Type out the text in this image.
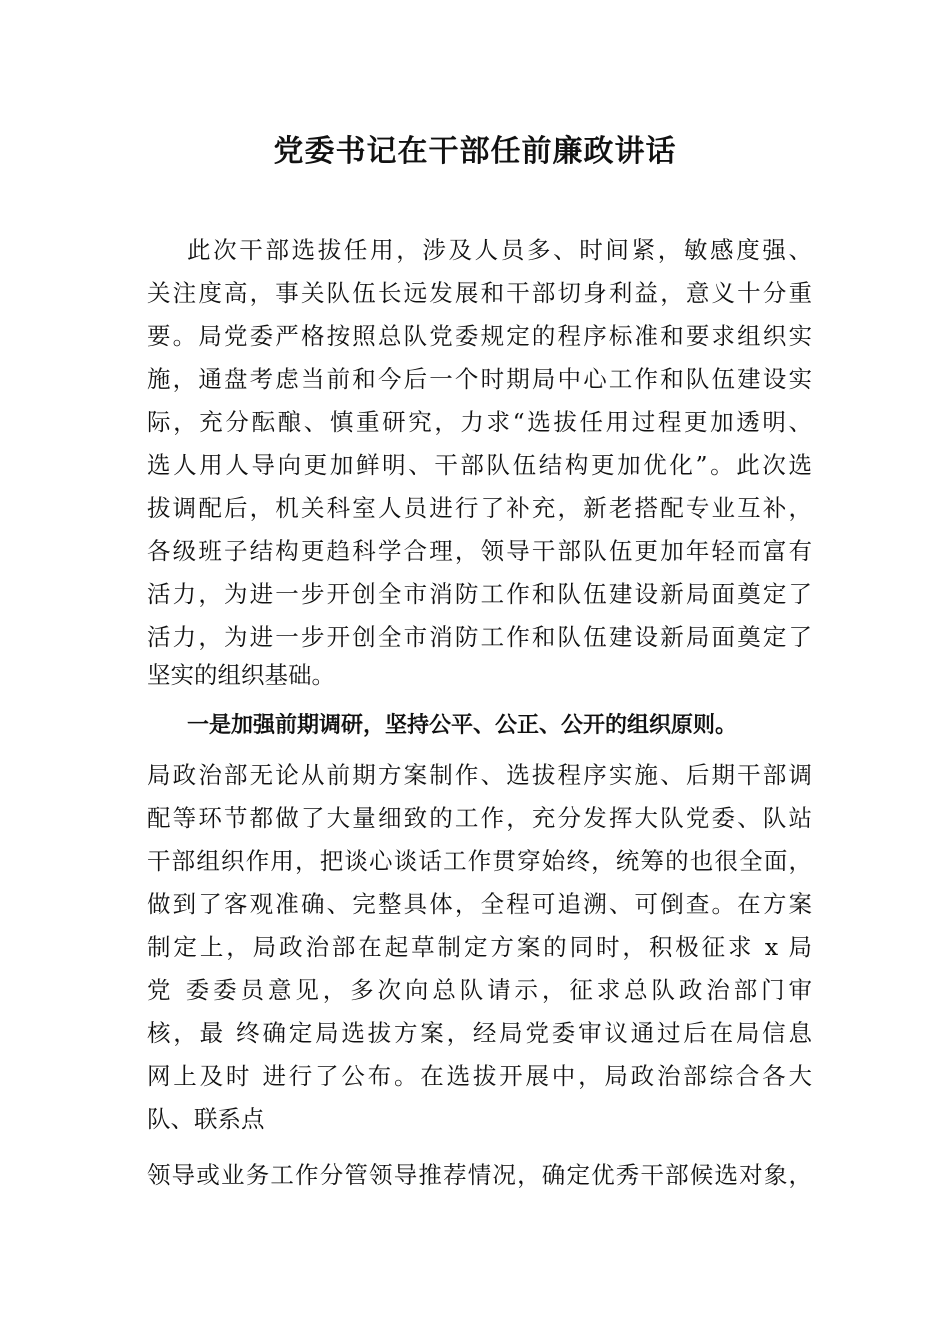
党委书记在干部任前廉政讲话
此次干部选拔任用，涉及人员多、时间紧，敏感度强、
关注度高，事关队伍长远发展和干部切身利益，意义十分重
要。局党委严格按照总队党委规定的程序标准和要求组织实
施，通盘考虑当前和今后一个时期局中心工作和队伍建设实
际，充分酝酿、慎重研究，力求“选拔任用过程更加透明、
选人用人导向更加鲜明、干部队伍结构更加优化”。此次选
拔调配后，机关科室人员进行了补充，新老搭配专业互补，
各级班子结构更趋科学合理，领导干部队伍更加年轻而富有
活力，为进一步开创全市消防工作和队伍建设新局面奠定了
活力，为进一步开创全市消防工作和队伍建设新局面奠定了
坚实的组织基础。
一是加强前期调研，坚持公平、公正、公开的组织原则。
局政治部无论从前期方案制作、选拔程序实施、后期干部调
配等环节都做了大量细致的工作，充分发挥大队党委、队站
干部组织作用，把谈心谈话工作贯穿始终，统筹的也很全面，
做到了客观准确、完整具体，全程可追溯、可倒查。在方案
制定上，局政治部在起草制定方案的同时，积极征求 x 局
党 委委员意见，多次向总队请示，征求总队政治部门审
核，最 终确定局选拔方案，经局党委审议通过后在局信息
网上及时 进行了公布。在选拔开展中，局政治部综合各大
队、联系点
领导或业务工作分管领导推荐情况，确定优秀干部候选对象，
